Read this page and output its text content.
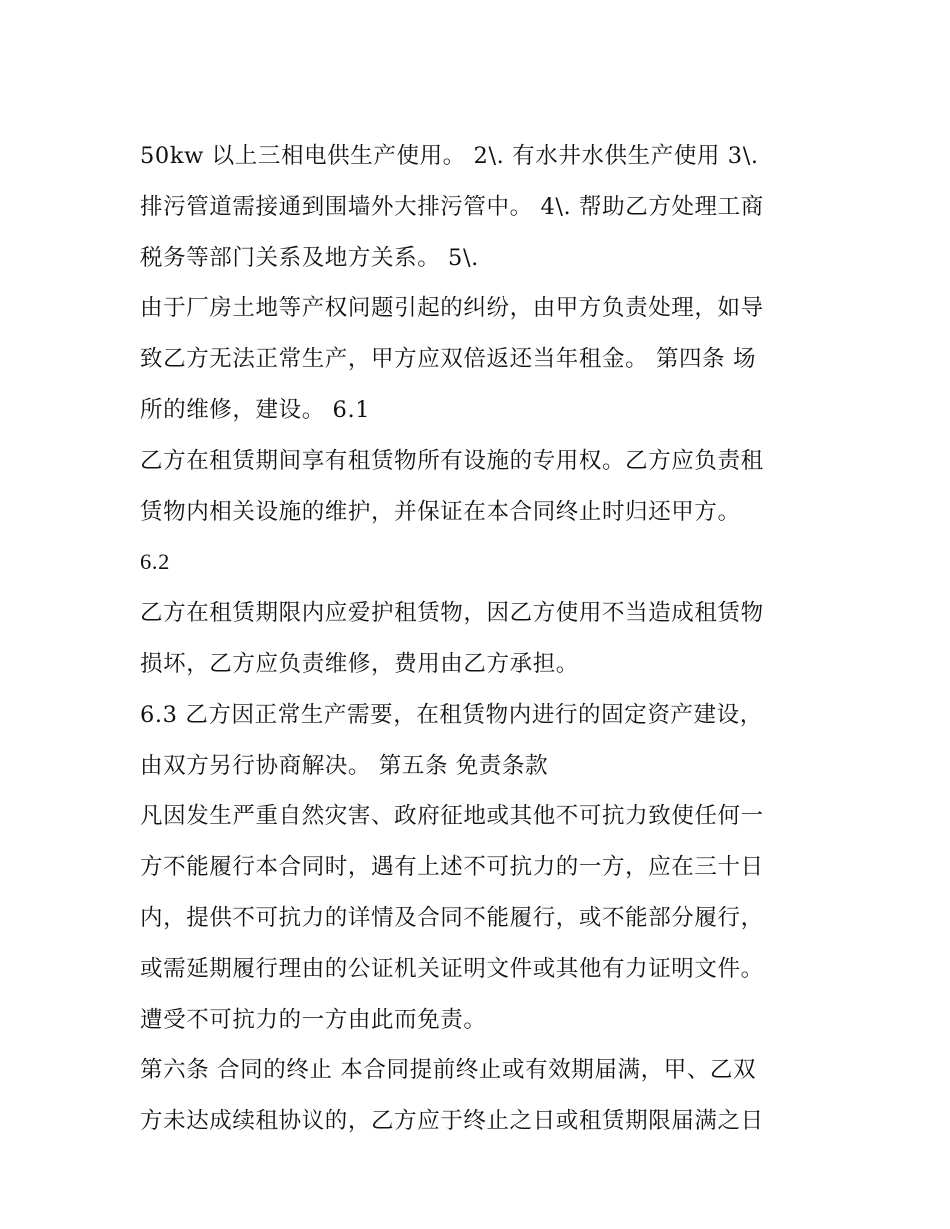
50kw 以上三相电供生产使用。 2\. 有水井水供生产使用 3\.
排污管道需接通到围墙外大排污管中。 4\. 帮助乙方处理工商
税务等部门关系及地方关系。 5\.
由于厂房土地等产权问题引起的纠纷，由甲方负责处理，如导
致乙方无法正常生产，甲方应双倍返还当年租金。 第四条 场
所的维修，建设。 6.1
乙方在租赁期间享有租赁物所有设施的专用权。乙方应负责租
赁物内相关设施的维护，并保证在本合同终止时归还甲方。
6.2
乙方在租赁期限内应爱护租赁物，因乙方使用不当造成租赁物
损坏，乙方应负责维修，费用由乙方承担。
6.3 乙方因正常生产需要，在租赁物内进行的固定资产建设，
由双方另行协商解决。 第五条 免责条款
凡因发生严重自然灾害、政府征地或其他不可抗力致使任何一
方不能履行本合同时，遇有上述不可抗力的一方，应在三十日
内，提供不可抗力的详情及合同不能履行，或不能部分履行，
或需延期履行理由的公证机关证明文件或其他有力证明文件。
遭受不可抗力的一方由此而免责。
第六条 合同的终止 本合同提前终止或有效期届满，甲、乙双
方未达成续租协议的，乙方应于终止之日或租赁期限届满之日
